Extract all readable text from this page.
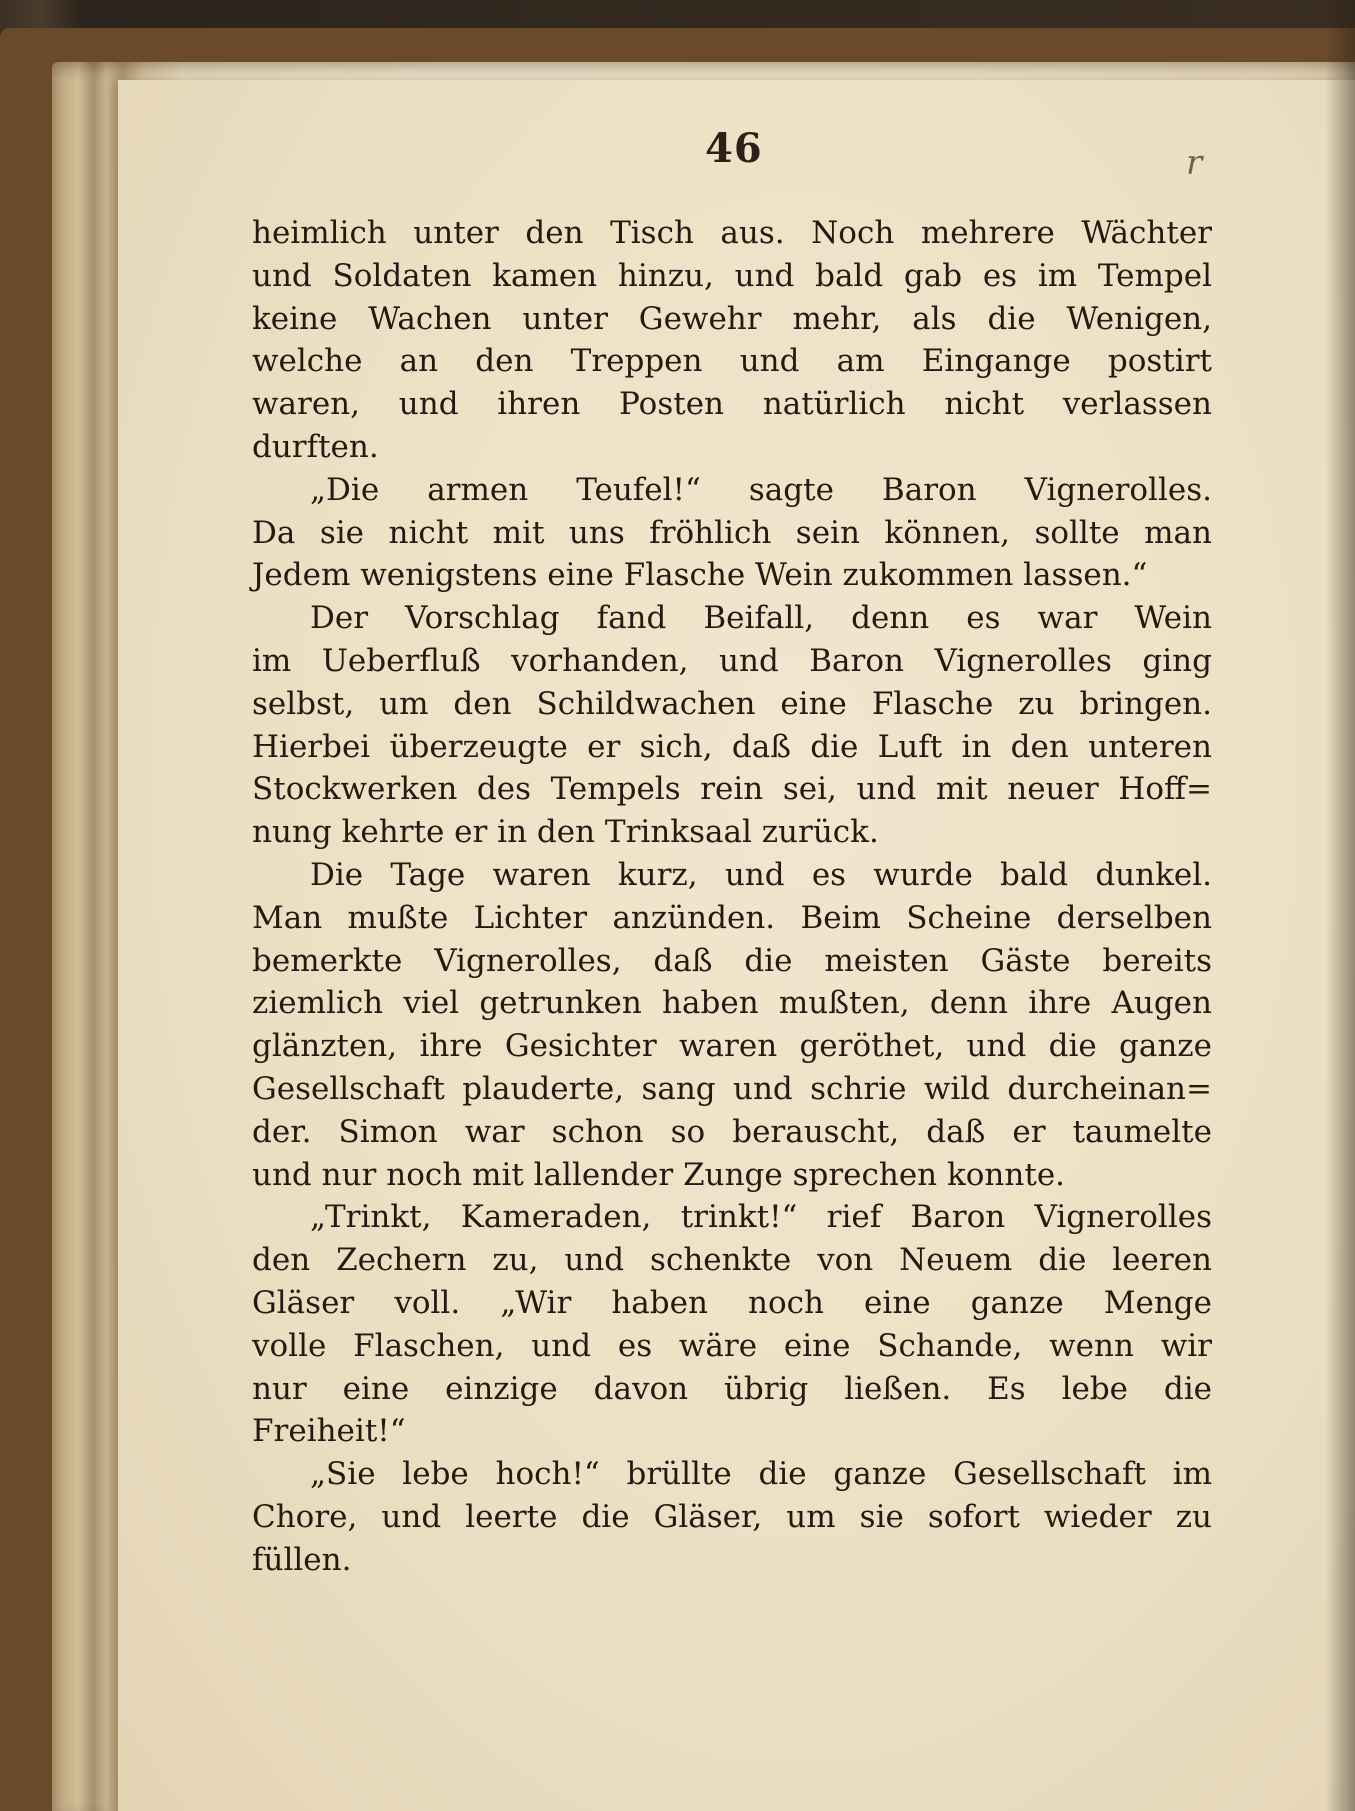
46	r
heimlich unter den Tisch aus. Noch mehrere Wächter
und Soldaten kamen hinzu, und bald gab es im Tempel
keine Wachen unter Gewehr mehr, als die Wenigen,
welche an den Treppen und am Eingange postirt
waren, und ihren Posten natürlich nicht verlassen
durften.
„Die armen Teufel!“ sagte Baron Vignerolles.
Da sie nicht mit uns fröhlich sein können, sollte man
Jedem wenigstens eine Flasche Wein zukommen lassen.“
Der Vorschlag fand Beifall, denn es war Wein
im Ueberfluß vorhanden, und Baron Vignerolles ging
selbst, um den Schildwachen eine Flasche zu bringen.
Hierbei überzeugte er sich, daß die Luft in den unteren
Stockwerken des Tempels rein sei, und mit neuer Hoff=
nung kehrte er in den Trinksaal zurück.
Die Tage waren kurz, und es wurde bald dunkel.
Man mußte Lichter anzünden. Beim Scheine derselben
bemerkte Vignerolles, daß die meisten Gäste bereits
ziemlich viel getrunken haben mußten, denn ihre Augen
glänzten, ihre Gesichter waren geröthet, und die ganze
Gesellschaft plauderte, sang und schrie wild durcheinan=
der. Simon war schon so berauscht, daß er taumelte
und nur noch mit lallender Zunge sprechen konnte.
„Trinkt, Kameraden, trinkt!“ rief Baron Vignerolles
den Zechern zu, und schenkte von Neuem die leeren
Gläser voll. „Wir haben noch eine ganze Menge
volle Flaschen, und es wäre eine Schande, wenn wir
nur eine einzige davon übrig ließen. Es lebe die
Freiheit!“
„Sie lebe hoch!“ brüllte die ganze Gesellschaft im
Chore, und leerte die Gläser, um sie sofort wieder zu
füllen.
